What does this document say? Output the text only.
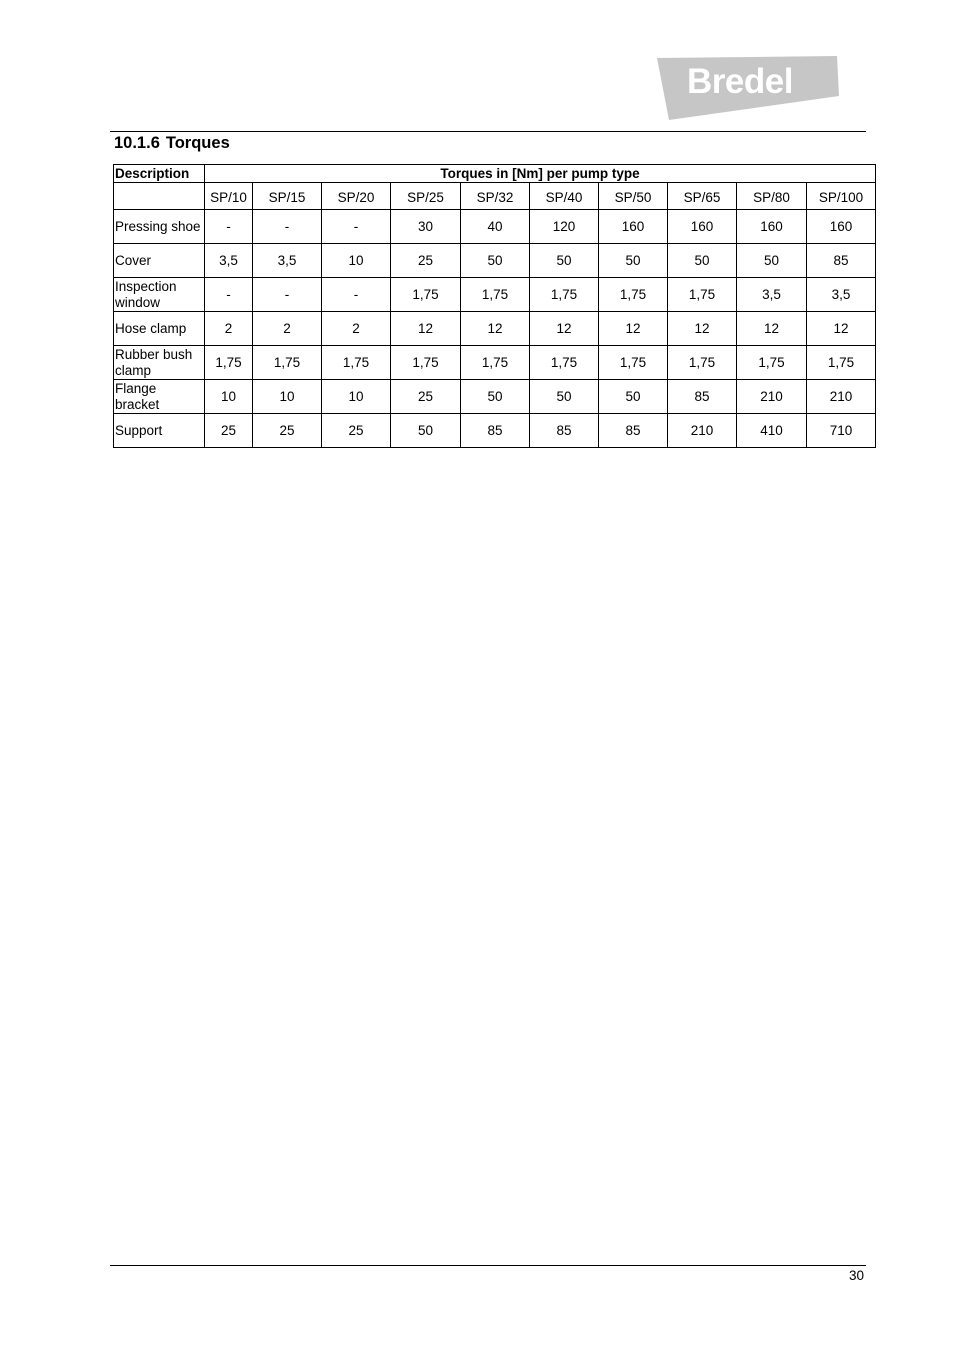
Bredel
10.1.6 Torques
Description	Torques in [Nm] per pump type									
	SP/10	SP/15	SP/20	SP/25	SP/32	SP/40	SP/50	SP/65	SP/80	SP/100
Pressing shoe	-	-	-	30	40	120	160	160	160	160
Cover	3,5	3,5	10	25	50	50	50	50	50	85
Inspection window	-	-	-	1,75	1,75	1,75	1,75	1,75	3,5	3,5
Hose clamp	2	2	2	12	12	12	12	12	12	12
Rubber bush clamp	1,75	1,75	1,75	1,75	1,75	1,75	1,75	1,75	1,75	1,75
Flange bracket	10	10	10	25	50	50	50	85	210	210
Support	25	25	25	50	85	85	85	210	410	710
30
